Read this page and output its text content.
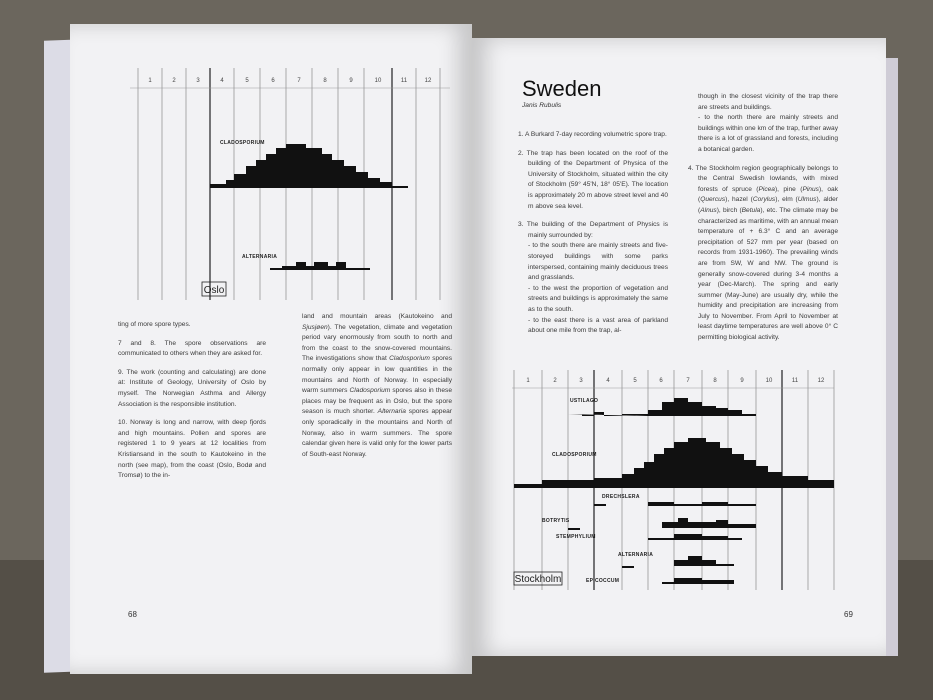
1	2	3	4	5	6	7	8	9	10	11	12
CLADOSPORIUM
ALTERNARIA
Oslo

ting of more spore types.

7 and 8. The spore observations are communicated to others when they are asked for.

9. The work (counting and calculating) are done at: Institute of Geology, University of Oslo by myself. The Norwegian Asthma and Allergy Association is the responsible institution.

10. Norway is long and narrow, with deep fjords and high mountains. Pollen and spores are registered 1 to 9 years at 12 localities from Kristiansand in the south to Kautokeino in the north (see map), from the coast (Oslo, Bodø and Tromsø) to the in-

land and mountain areas (Kautokeino and Sjusjøen). The vegetation, climate and vegetation period vary enormously from south to north and from the coast to the snow-covered mountains. The investigations show that Cladosporium spores normally only appear in low quantities in the mountains and North of Norway. In especially warm summers Cladosporium spores also in these places may be frequent as in Oslo, but the spore season is much shorter. Alternaria spores appear only sporadically in the mountains and North of Norway, also in warm summers. The spore calendar given here is valid only for the lower parts of South-east Norway.

68
Sweden
Janis Rubulis
1. A Burkard 7-day recording volumetric spore trap.
2. The trap has been located on the roof of the building of the Department of Physica of the University of Stockholm, situated within the city of Stockholm (59° 45'N, 18° 05'E). The location is approximately 20 m above street level and 40 m above sea level.
3. The building of the Department of Physics is mainly surrounded by:
- to the south there are mainly streets and five-storeyed buildings with some parks interspersed, containing mainly deciduous trees and grasslands.
- to the west the proportion of vegetation and streets and buildings is approximately the same as to the south.
- to the east there is a vast area of parkland about one mile from the trap, al-
though in the closest vicinity of the trap there are streets and buildings.
- to the north there are mainly streets and buildings within one km of the trap, further away there is a lot of grassland and forests, including a botanical garden.
4. The Stockholm region geographically belongs to the Central Swedish lowlands, with mixed forests of spruce (Picea), pine (Pinus), oak (Quercus), hazel (Corylus), elm (Ulmus), alder (Alnus), birch (Betula), etc. The climate may be characterized as maritime, with an annual mean temperature of + 6.3° C and an average precipitation of 527 mm per year (based on records from 1931-1960). The prevailing winds are from SW, W and NW. The ground is generally snow-covered during 3-4 months a year (Dec-March). The spring and early summer (May-June) are usually dry, while the humidity and precipitation are increasing from July to November. From April to November at least daytime temperatures are well above 0° C permitting biological activity.
1	2	3	4	5	6	7	8	9	10	11	12
USTILAGO
CLADOSPORIUM
DRECHSLERA
BOTRYTIS
STEMPHYLIUM
ALTERNARIA
Stockholm	EPICOCCUM
69
